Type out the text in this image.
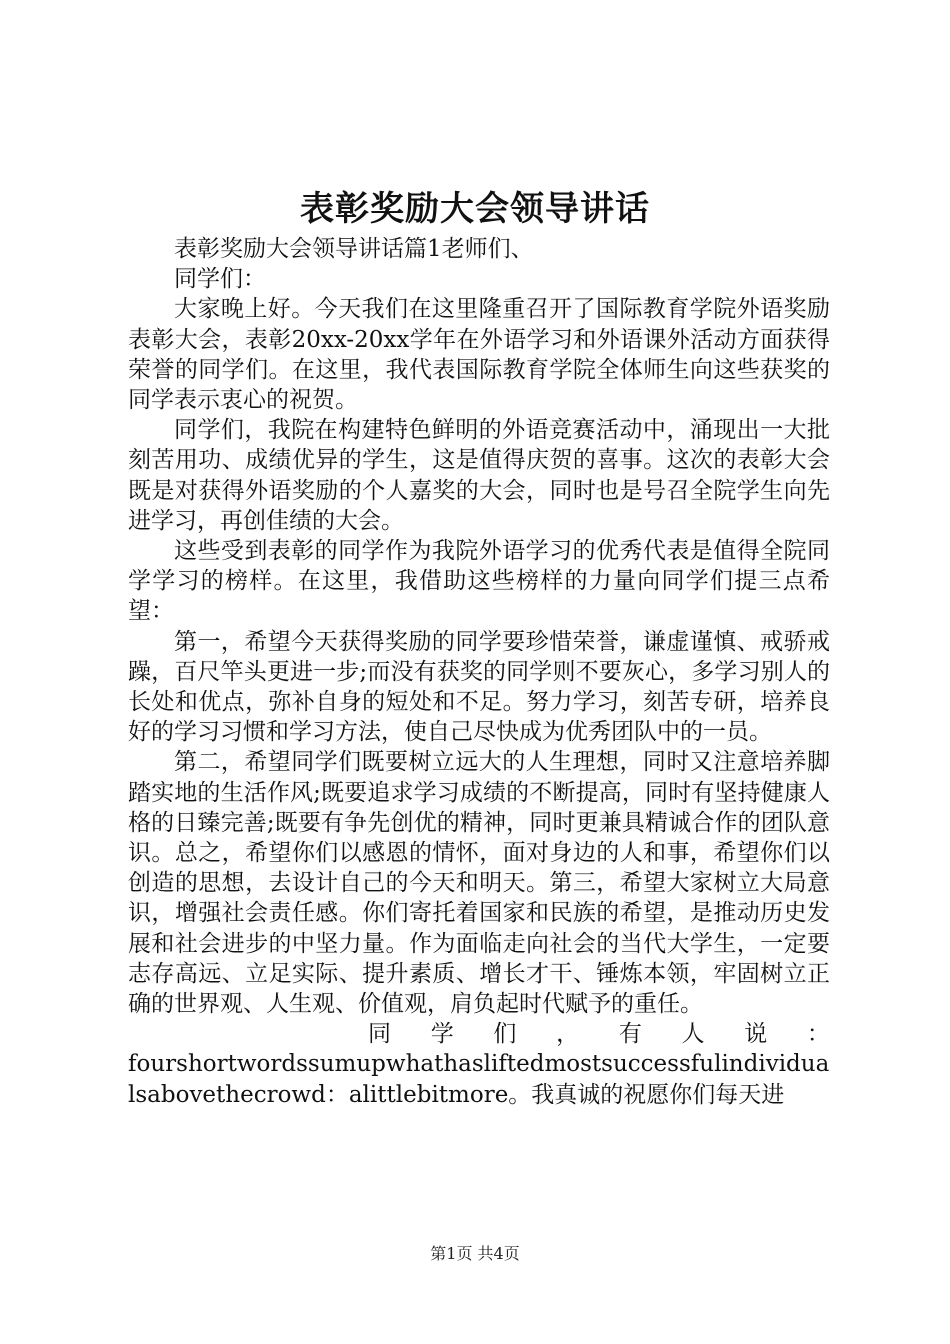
表彰奖励大会领导讲话

表彰奖励大会领导讲话篇1老师们、

同学们：

大家晚上好。今天我们在这里隆重召开了国际教育学院外语奖励表彰大会，表彰20xx-20xx学年在外语学习和外语课外活动方面获得荣誉的同学们。在这里，我代表国际教育学院全体师生向这些获奖的同学表示衷心的祝贺。

同学们，我院在构建特色鲜明的外语竞赛活动中，涌现出一大批刻苦用功、成绩优异的学生，这是值得庆贺的喜事。这次的表彰大会既是对获得外语奖励的个人嘉奖的大会，同时也是号召全院学生向先进学习，再创佳绩的大会。

这些受到表彰的同学作为我院外语学习的优秀代表是值得全院同学学习的榜样。在这里，我借助这些榜样的力量向同学们提三点希望：

第一，希望今天获得奖励的同学要珍惜荣誉，谦虚谨慎、戒骄戒躁，百尺竿头更进一步;而没有获奖的同学则不要灰心，多学习别人的长处和优点，弥补自身的短处和不足。努力学习，刻苦专研，培养良好的学习习惯和学习方法，使自己尽快成为优秀团队中的一员。

第二，希望同学们既要树立远大的人生理想，同时又注意培养脚踏实地的生活作风;既要追求学习成绩的不断提高，同时有坚持健康人格的日臻完善;既要有争先创优的精神，同时更兼具精诚合作的团队意识。总之，希望你们以感恩的情怀，面对身边的人和事，希望你们以创造的思想，去设计自己的今天和明天。第三，希望大家树立大局意识，增强社会责任感。你们寄托着国家和民族的希望，是推动历史发展和社会进步的中坚力量。作为面临走向社会的当代大学生，一定要志存高远、立足实际、提升素质、增长才干、锤炼本领，牢固树立正确的世界观、人生观、价值观，肩负起时代赋予的重任。

同 学 们 ， 有 人 说 ：

fourshortwordssumupwhathasliftedmostsuccessfulindividualsabovethecrowd：alittlebitmore。我真诚的祝愿你们每天进

第1页 共4页
